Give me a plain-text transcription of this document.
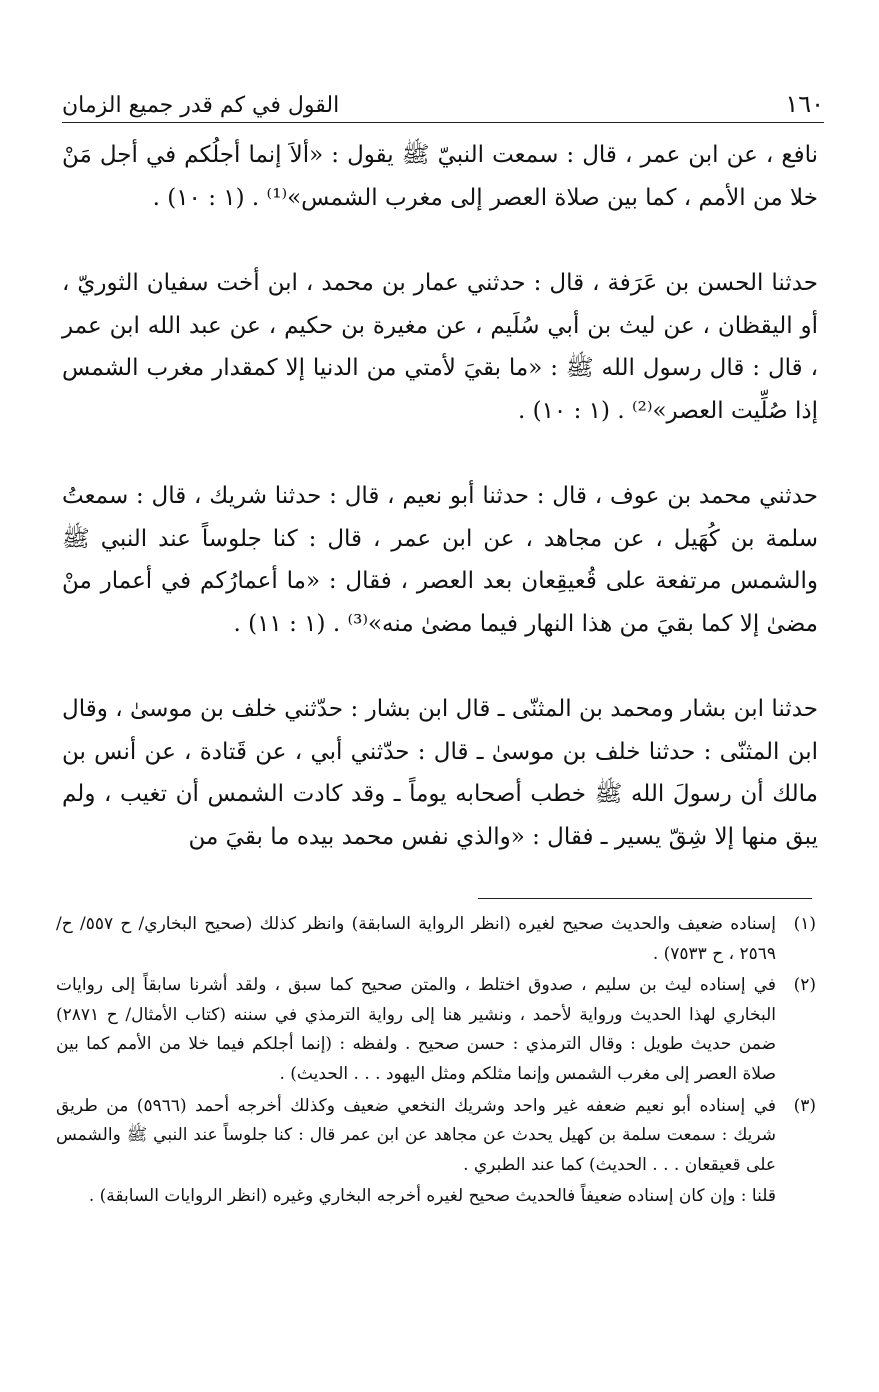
القول في كم قدر جميع الزمان	١٦٠

نافع ، عن ابن عمر ، قال : سمعت النبيّ ﷺ يقول : «ألاَ إنما أجلُكم في أجل مَنْ خلا من الأمم ، كما بين صلاة العصر إلى مغرب الشمس»⁽¹⁾ . (١ : ١٠) .

حدثنا الحسن بن عَرَفة ، قال : حدثني عمار بن محمد ، ابن أخت سفيان الثوريّ ، أو اليقظان ، عن ليث بن أبي سُلَيم ، عن مغيرة بن حكيم ، عن عبد الله ابن عمر ، قال : قال رسول الله ﷺ : «ما بقيَ لأمتي من الدنيا إلا كمقدار مغرب الشمس إذا صُلِّيت العصر»⁽²⁾ . (١ : ١٠) .

حدثني محمد بن عوف ، قال : حدثنا أبو نعيم ، قال : حدثنا شريك ، قال : سمعتُ سلمة بن كُهَيل ، عن مجاهد ، عن ابن عمر ، قال : كنا جلوساً عند النبي ﷺ والشمس مرتفعة على قُعيقِعان بعد العصر ، فقال : «ما أعمارُكم في أعمار منْ مضىٰ إلا كما بقيَ من هذا النهار فيما مضىٰ منه»⁽³⁾ . (١ : ١١) .

حدثنا ابن بشار ومحمد بن المثنّى ـ قال ابن بشار : حدّثني خلف بن موسىٰ ، وقال ابن المثنّى : حدثنا خلف بن موسىٰ ـ قال : حدّثني أبي ، عن قَتادة ، عن أنس بن مالك أن رسولَ الله ﷺ خطب أصحابه يوماً ـ وقد كادت الشمس أن تغيب ، ولم يبق منها إلا شِقّ يسير ـ فقال : «والذي نفس محمد بيده ما بقيَ من

(١)
إسناده ضعيف والحديث صحيح لغيره (انظر الرواية السابقة) وانظر كذلك (صحيح البخاري/ ح ٥٥٧/ ح/ ٢٥٦٩ ، ح ٧٥٣٣) .
(٢)
في إسناده ليث بن سليم ، صدوق اختلط ، والمتن صحيح كما سبق ، ولقد أشرنا سابقاً إلى روايات البخاري لهذا الحديث ورواية لأحمد ، ونشير هنا إلى رواية الترمذي في سننه (كتاب الأمثال/ ح ٢٨٧١) ضمن حديث طويل : وقال الترمذي : حسن صحيح . ولفظه : (إنما أجلكم فيما خلا من الأمم كما بين صلاة العصر إلى مغرب الشمس وإنما مثلكم ومثل اليهود . . . الحديث) .
(٣)
في إسناده أبو نعيم ضعفه غير واحد وشريك النخعي ضعيف وكذلك أخرجه أحمد (٥٩٦٦) من طريق شريك : سمعت سلمة بن كهيل يحدث عن مجاهد عن ابن عمر قال : كنا جلوساً عند النبي ﷺ والشمس على قعيقعان . . . الحديث) كما عند الطبري .
قلنا : وإن كان إسناده ضعيفاً فالحديث صحيح لغيره أخرجه البخاري وغيره (انظر الروايات السابقة) .
